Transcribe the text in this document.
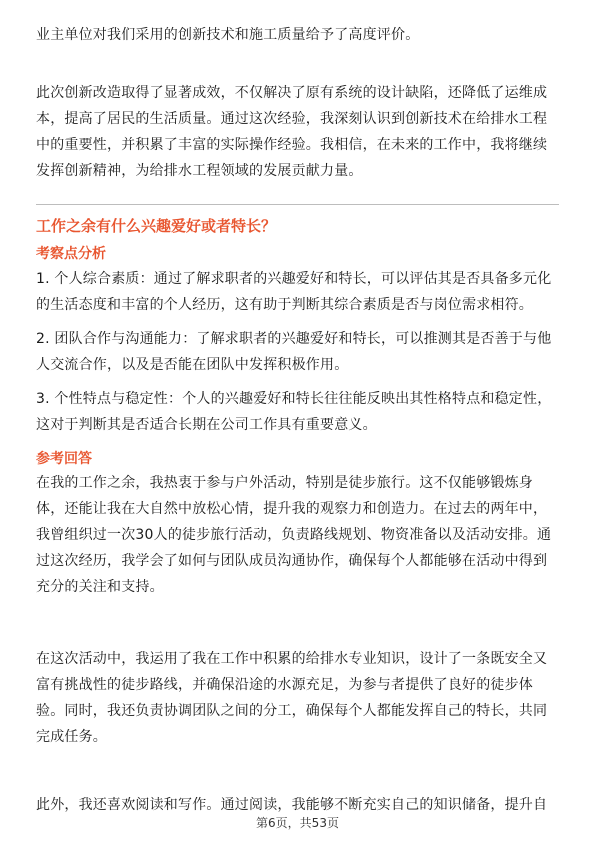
业主单位对我们采用的创新技术和施工质量给予了高度评价。

此次创新改造取得了显著成效，不仅解决了原有系统的设计缺陷，还降低了运维成本，提高了居民的生活质量。通过这次经验，我深刻认识到创新技术在给排水工程中的重要性，并积累了丰富的实际操作经验。我相信，在未来的工作中，我将继续发挥创新精神，为给排水工程领域的发展贡献力量。

工作之余有什么兴趣爱好或者特长？
考察点分析

1. 个人综合素质：通过了解求职者的兴趣爱好和特长，可以评估其是否具备多元化的生活态度和丰富的个人经历，这有助于判断其综合素质是否与岗位需求相符。

2. 团队合作与沟通能力：了解求职者的兴趣爱好和特长，可以推测其是否善于与他人交流合作，以及是否能在团队中发挥积极作用。

3. 个性特点与稳定性：个人的兴趣爱好和特长往往能反映出其性格特点和稳定性，这对于判断其是否适合长期在公司工作具有重要意义。

参考回答

在我的工作之余，我热衷于参与户外活动，特别是徒步旅行。这不仅能够锻炼身体，还能让我在大自然中放松心情，提升我的观察力和创造力。在过去的两年中，我曾组织过一次30人的徒步旅行活动，负责路线规划、物资准备以及活动安排。通过这次经历，我学会了如何与团队成员沟通协作，确保每个人都能够在活动中得到充分的关注和支持。

在这次活动中，我运用了我在工作中积累的给排水专业知识，设计了一条既安全又富有挑战性的徒步路线，并确保沿途的水源充足，为参与者提供了良好的徒步体验。同时，我还负责协调团队之间的分工，确保每个人都能发挥自己的特长，共同完成任务。

此外，我还喜欢阅读和写作。通过阅读，我能够不断充实自己的知识储备，提升自

第6页，共53页
